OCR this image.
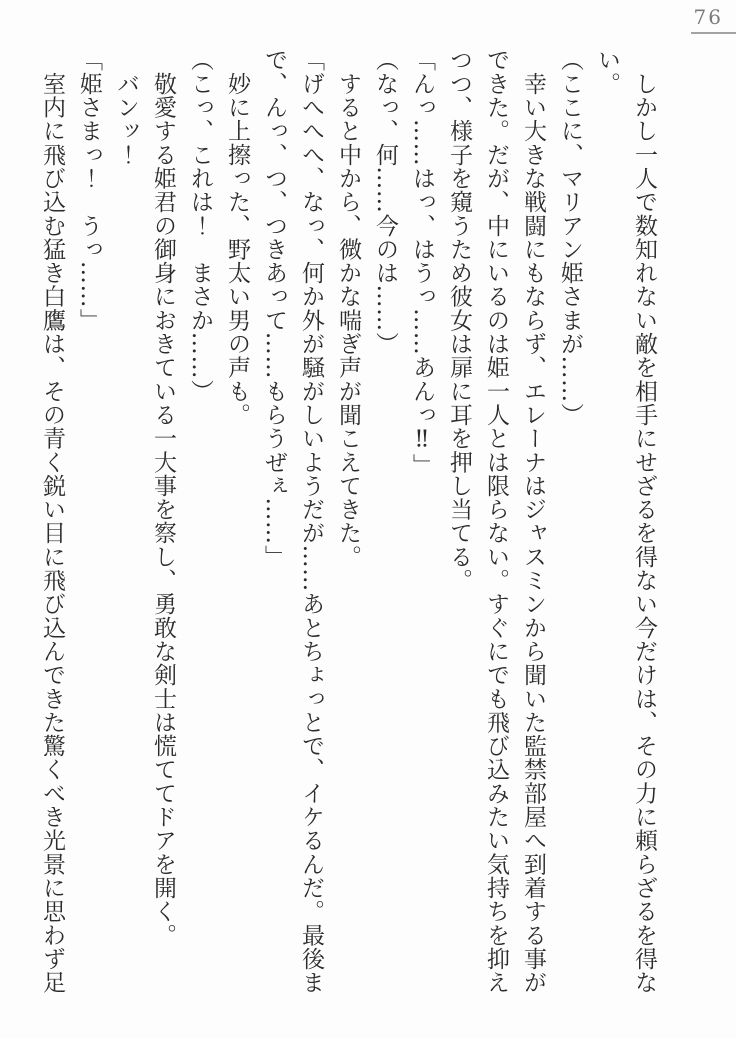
76

　しかし一人で数知れない敵を相手にせざるを得ない今だけは、その力に頼らざるを得ない。

（ここに、マリアン姫さまが……）

　幸い大きな戦闘にもならず、エレーナはジャスミンから聞いた監禁部屋へ到着する事ができた。だが、中にいるのは姫一人とは限らない。すぐにでも飛び込みたい気持ちを抑えつつ、様子を窺うため彼女は扉に耳を押し当てる。

「んっ……はっ、はうっ……あんっ‼」

（なっ、何……今のは……）

　すると中から、微かな喘ぎ声が聞こえてきた。

「げへへへ、なっ、何か外が騒がしいようだが……あとちょっとで、イケるんだ。最後まで、んっ、つ、つきあって……もらうぜぇ……」

　妙に上擦った、野太い男の声も。

（こっ、これは！　まさか……）

　敬愛する姫君の御身におきている一大事を察し、勇敢な剣士は慌ててドアを開く。

　バンッ！

「姫さまっ！　うっ……」

　室内に飛び込む猛き白鷹は、その青く鋭い目に飛び込んできた驚くべき光景に思わず足
